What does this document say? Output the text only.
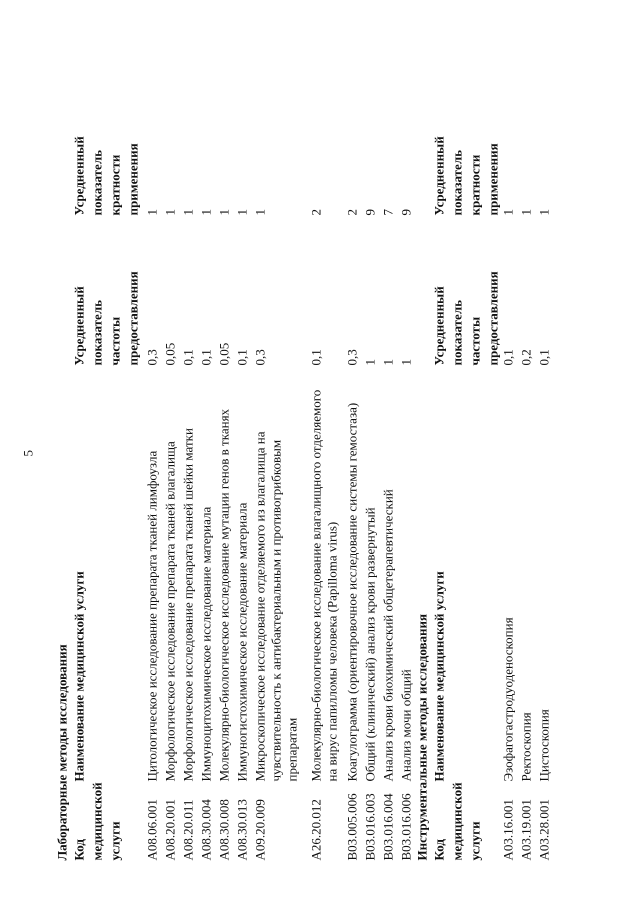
5
Лабораторные методы исследования Код медицинской услуги
Наименование медицинской услуги
Усредненный показатель частоты предоставления
Усредненный показатель кратности применения
A08.06.001
Цитологическое исследование препарата тканей лимфоузла
0,3
1
A08.20.001
Морфологическое исследование препарата тканей влагалища
0,05
1
A08.20.011
Морфологическое исследование препарата тканей шейки матки
0,1
1
A08.30.004
Иммуноцитохимическое исследование материала
0,1
1
A08.30.008
Молекулярно-биологическое исследование мутации генов в тканях
0,05
1
A08.30.013
Иммуногистохимическое исследование материала
0,1
1
A09.20.009
Микроскопическое исследование отделяемого из влагалища на чувствительность к антибактериальным и противогрибковым препаратам
0,3
1
A26.20.012
Молекулярно-биологическое исследование влагалищного отделяемого на вирус папилломы человека (Papilloma virus)
0,1
2
B03.005.006
Коагулограмма (ориентировочное исследование системы гемостаза)
0,3
2
B03.016.003
Общий (клинический) анализ крови развернутый
1
9
B03.016.004
Анализ крови биохимический общетерапевтический
1
7
B03.016.006
Анализ мочи общий
1
9
Инструментальные методы исследования Код медицинской услуги
Наименование медицинской услуги
Усредненный показатель частоты предоставления
Усредненный показатель кратности применения
A03.16.001
Эзофагогастродуоденоскопия
0,1
1
A03.19.001
Ректоскопия
0,2
1
A03.28.001
Цистоскопия
0,1
1
